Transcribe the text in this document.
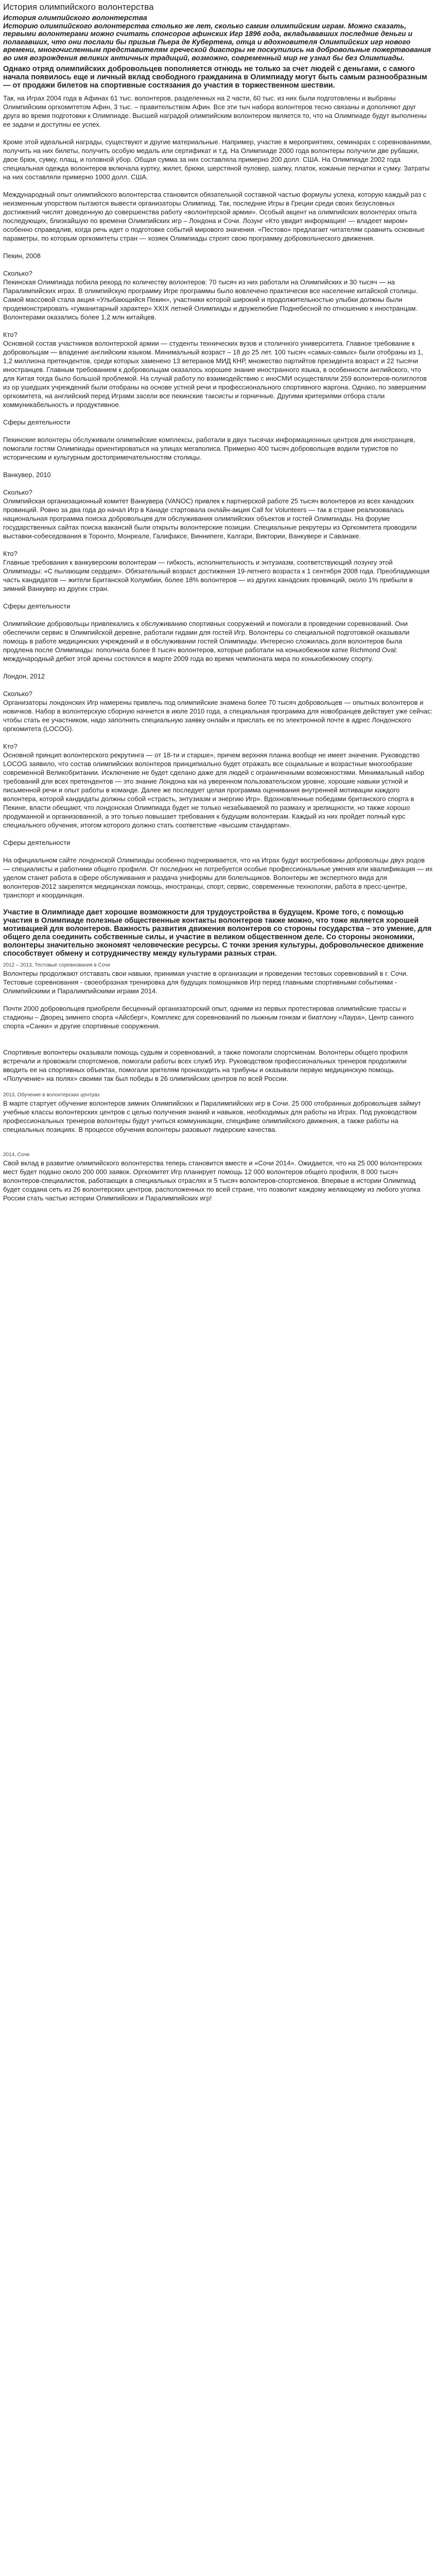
История олимпийского волонтерства
История олимпийского волонтерства
Историю олимпийского волонтерства столько же лет, сколько самим олимпийским играм. Можно сказать, первыми волонтерами можно считать спонсоров афинских Игр 1896 года, вкладывавших последние деньги и полагавших, что они послали бы призыв Пьера де Кубертена, отца и вдохновителя Олимпийских игр нового времени, многочисленным представителям греческой диаспоры не поскупились на добровольные пожертвования во имя возрождения великих античных традиций, возможно, современный мир не узнал бы без Олимпиады.
Однако отряд олимпийских добровольцев пополняется отнюдь не только за счет людей с деньгами, с самого начала появилось еще и личный вклад свободного гражданина в Олимпиаду могут быть самым разнообразным — от продажи билетов на спортивные состязания до участия в торжественном шествии.

Так, на Играх 2004 года в Афинах 61 тыс. волонтеров, разделенных на 2 части, 60 тыс. из них были подготовлены и выбраны Олимпийским оргкомитетом Афин, 3 тыс. – правительством Афин. Все эти тыч набора волонтеров тесно связаны и дополняют друг друга во время подготовки к Олимпиаде. Высшей наградой олимпийским волонтером является то, что на Олимпиаде будут выполнены ее задачи и доступны ее успех.

Кроме этой идеальной награды, существуют и другие материальные. Например, участие в мероприятиях, семинарах с соревнованиями, получить на них билеты, получить особую медаль или сертификат и т.д. На Олимпиаде 2000 года волонтеры получили две рубашки, двое брюк, сумку, плащ, и головной убор. Общая сумма за них составляла примерно 200 долл. США. На Олимпиаде 2002 года специальная одежда волонтеров включала куртку, жилет, брюки, шерстяной пуловер, шапку, платок, кожаные перчатки и сумку. Затраты на них составляли примерно 1000 долл. США.

Международный опыт олимпийского волонтерства становится обязательной составной частью формулы успеха, которую каждый раз с неизменным упорством пытаются вывести организаторы Олимпиад. Так, последние Игры в Греции среди своих безусловных достижений числят доведенную до совершенства работу «волонтерской армии». Особый акцент на олимпийских волонтерах опыта последующих, близкайшую по времени Олимпийских игр – Лондона и Сочи. Лозунг «Кто увидит информация! — владеет миром» особенно справедлив, когда речь идет о подготовке событий мирового значения. «Пестово» предлагает читателям сравнить основные параметры, по которым оргкомитеты стран — хозяек Олимпиады строят свою программу добровольческого движения.

Пекин, 2008

Сколько?
Пекинская Олимпиада побила рекорд по количеству волонтеров: 70 тысяч из них работали на Олимпийских и 30 тысяч — на Паралимпийских играх. В олимпийскую программу Игре программы было вовлечено практически все население китайской столицы. Самой массовой стала акция «Улыбающийся Пекин», участники которой широкий и продолжительностью улыбки должны были продемонстрировать «гуманитарный характер» XXIX летней Олимпиады и дружелюбие Поднебесной по отношению к иностранцам. Волонтерами оказались более 1,2 млн китайцев.

Кто?
Основной состав участников волонтерской армии — студенты технических вузов и столичного университета. Главное требование к добровольцам — владение английским языком. Минимальный возраст – 18 до 25 лет. 100 тысяч «самых-самых» были отобраны из 1, 1,2 миллиона претендентов, среди которых заменено 13 ветеранов МИД КНР, множество партийтов президента возраст и 22 тысячи иностранцев. Главным требованием к добровольцам оказалось хорошее знание иностранного языка, в особенности английского, что для Китая тогда было большой проблемой. На случай работу по взаимодействию с иноСМИ осуществляли 259 волонтеров-полиглотов из ор ушедших учреждений были отобраны на основе устной речи и профессионального спортивного жаргона. Однако, по завершении оргкомитета, на английский перед Играми засели все пекинские таксисты и горничные. Другими критериями отбора стали коммуникабельность и продуктивное.

Сферы деятельности

Пекинские волонтеры обслуживали олимпийские комплексы, работали в двух тысячах информационных центров для иностранцев, помогали гостям Олимпиады ориентироваться на улицах мегаполиса. Примерно 400 тысяч добровольцев водили туристов по историческим и культурным достопримечательностям столицы.

Ванкувер, 2010

Сколько?
Олимпийская организационный комитет Ванкувера (VANOC) привлек к партнерской работе 25 тысяч волонтеров из всех канадских провинций. Ровно за два года до начал Игр в Канаде стартовала онлайн-акция Call for Volunteers — так в стране реализовалась национальная программа поиска добровольцев для обслуживания олимпийских объектов и гостей Олимпиады. На форуме государственных сайтах поиска вакансий были открыты волонтерские позиции. Специальные рекрутеры из Оргкомитета проводили выставки-собеседования в Торонто, Монреале, Галифаксе, Виннипеге, Калгари, Виктории, Ванкувере и Саванаке.

Кто?
Главные требования к ванкуверским волонтерам — гибкость, исполнительность и энтузиазм, соответствующий лозунгу этой Олимпиады: «С пылающим сердцем». Обязательный возраст достижения 19-летнего возраста к 1 сентября 2008 года. Преобладающая часть кандидатов — жители Британской Колумбии, более 18% волонтеров — из других канадских провинций, около 1% прибыли в зимний Ванкувер из других стран.

Сферы деятельности

Олимпийские добровольцы привлекались к обслуживанию спортивных сооружений и помогали в проведении соревнований. Они обеспечили сервис в Олимпийской деревне, работали гидами для гостей Игр. Волонтеры со специальной подготовкой оказывали помощь в работе медицинских учреждений и в обслуживании гостей Олимпиады. Интересно сложилась доля волонтеров была продлена после Олимпиады: пополнила более 8 тысяч волонтеров, которые работали на конькобежном катке Richmond Oval: международный дебют этой арены состоялся в марте 2009 года во время чемпионата мира по конькобежному спорту.

Лондон, 2012

Сколько?
Организаторы лондонских Игр намерены привлечь под олимпийские знамена более 70 тысяч добровольцев — опытных волонтеров и новичков. Набор в волонтерскую сборную начнется в июле 2010 года, а специальная программа для новобранцев действует уже сейчас: чтобы стать ее участником, надо заполнить специальную заявку онлайн и прислать ее по электронной почте в адрес Лондонского оргкомитета (LOCOG).

Кто?
Основной принцип волонтерского рекрутинга — от 18-ти и старше», причем верхняя планка вообще не имеет значения. Руководство LOCOG заявило, что состав олимпийских волонтеров принципиально будет отражать все социальные и возрастные многообразие современной Великобритании. Исключение не будет сделано даже для людей с ограниченными возможностями. Минимальный набор требований для всех претендентов — это знание Лондона как на уверенном пользовательском уровне, хорошие навыки устной и письменной речи и опыт работы в команде. Далее же последует целая программа оценивания внутренней мотивации каждого волонтера, которой кандидаты должны собой «страсть, энтузиазм и энергию Игр». Вдохновленные победами британского спорта в Пекине, власти обещают, что лондонская Олимпиада будет не только незабываемой по размаху и зрелищности, но также хорошо продуманной и организованной, а это только повышает требования к будущим волонтерам. Каждый из них пройдет полный курс специального обучения, итогом которого должно стать соответствие «высшим стандартам».

Сферы деятельности

На официальном сайте лондонской Олимпиады особенно подчеркивается, что на Играх будут востребованы добровольцы двух родов — специалисты и работники общего профиля. От последних не потребуется особые профессиональные умения или квалификация — их уделом станет работа в сфере обслуживания и раздача униформы для болельщиков. Волонтеры же экспертного вида для волонтеров-2012 закрепятся медицинская помощь, иностранцы, спорт, сервис, современные технологии, работа в пресс-центре, транспорт и координация.

Участие в Олимпиаде дает хорошие возможности для трудоустройства в будущем. Кроме того, с помощью участия в Олимпиаде полезные общественные контакты волонтеров также можно, что тоже является хорошей мотивацией для волонтеров. Важность развития движения волонтеров со стороны государства – это умение, для общего дела соединить собственные силы, и участие в великом общественном деле. Со стороны экономики, волонтеры значительно экономят человеческие ресурсы. С точки зрения культуры, добровольческое движение способствует обмену и сотрудничеству между культурами разных стран.
2012 – 2013, Тестовые соревнования в Сочи

Волонтеры продолжают отставать свои навыки, принимая участие в организации и проведении тестовых соревнований в г. Сочи. Тестовые соревнования - своеобразная тренировка для будущих помощников Игр перед главными спортивными событиями - Олимпийскими и Паралимпийскими играми 2014.

Почти 2000 добровольцев приобрели бесценный организаторский опыт, одними из первых протестировав олимпийские трассы и стадионы – Дворец зимнего спорта «Айсберг», Комплекс для соревнований по лыжным гонкам и биатлону «Лаура», Центр санного спорта «Санки» и другие спортивные сооружения.

Спортивные волонтеры оказывали помощь судьям и соревнований, а также помогали спортсменам. Волонтеры общего профиля встречали и провожали спортсменов, помогали работы всех служб Игр. Руководством профессиональных тренеров продолжили вводить ее на спортивных объектах, помогали зрителям пронаходить на трибуны и оказывали первую медицинскую помощь. «Получение» на полях» своими так был победы в 26 олимпийских центров по всей России.

2013, Обучение в волонтерских центрах

В марте стартует обучение волонтеров зимних Олимпийских и Паралимпийских игр в Сочи. 25 000 отобранных добровольцев займут учебные классы волонтерских центров с целью получения знаний и навыков, необходимых для работы на Играх. Под руководством профессиональных тренеров волонтеры будут учиться коммуникации, специфике олимпийского движения, а также работы на специальных позициях. В процессе обучения волонтеры разовьют лидерские качества.

2014, Сочи

Свой вклад в развитие олимпийского волонтерства теперь становится вместе и «Сочи 2014». Ожидается, что на 25 000 волонтерских мест будет подано около 200 000 заявок. Оргкомитет Игр планирует помощь 12 000 волонтеров общего профиля, 8 000 тысяч волонтеров-специалистов, работающих в специальных отраслях и 5 тысяч волонтеров-спортсменов. Впервые в истории Олимпиад будет создана сеть из 26 волонтерских центров, расположенных по всей стране, что позволит каждому желающему из любого уголка России стать частью истории Олимпийских и Паралимпийских игр!
